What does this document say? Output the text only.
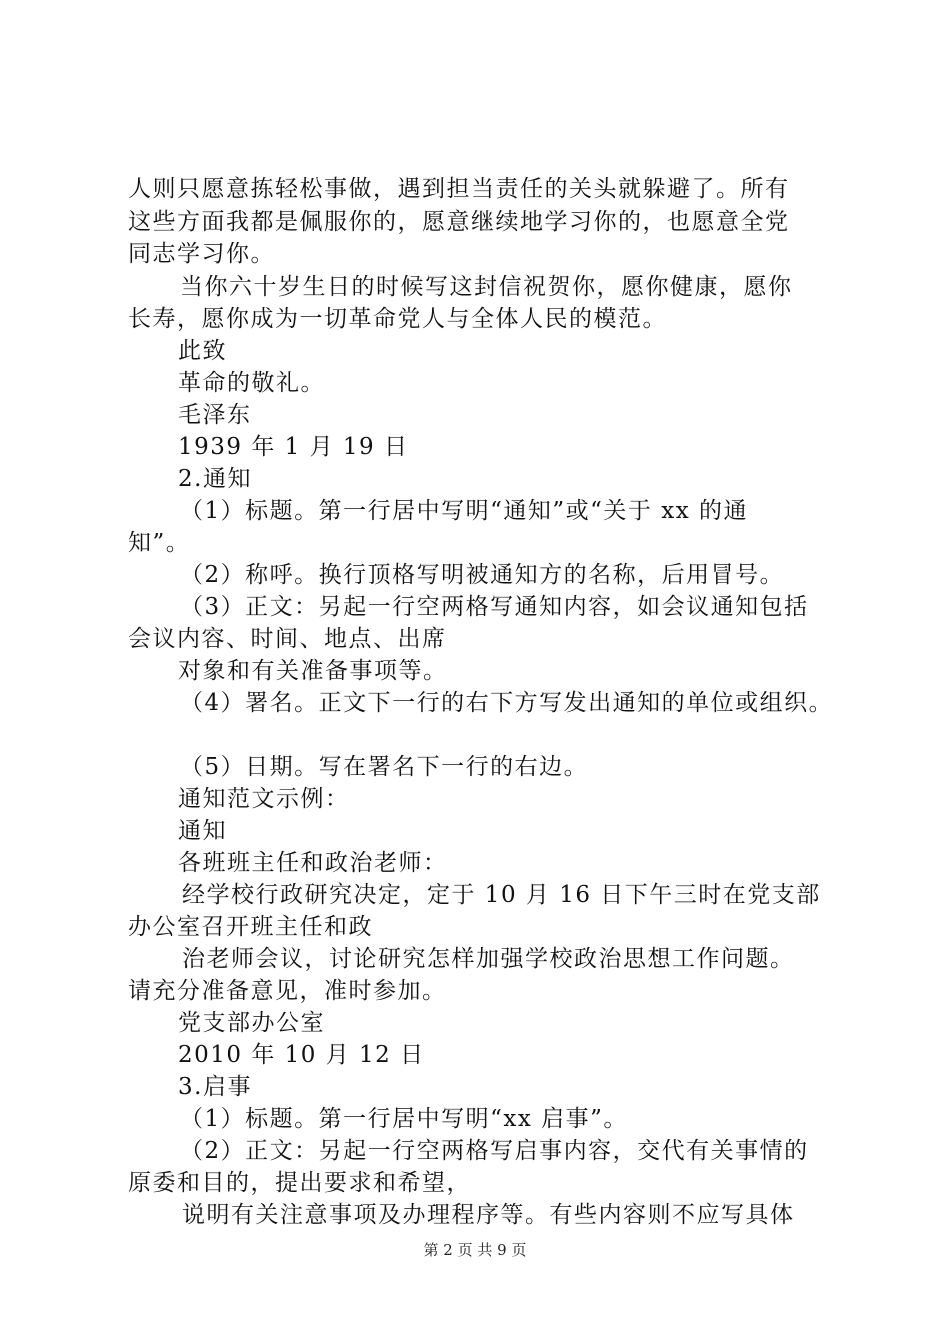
人则只愿意拣轻松事做，遇到担当责任的关头就躲避了。所有
这些方面我都是佩服你的，愿意继续地学习你的，也愿意全党
同志学习你。
当你六十岁生日的时候写这封信祝贺你，愿你健康，愿你
长寿，愿你成为一切革命党人与全体人民的模范。
此致
革命的敬礼。
毛泽东
1939 年 1 月 19 日
2.通知
（1）标题。第一行居中写明“通知”或“关于 xx 的通
知”。
（2）称呼。换行顶格写明被通知方的名称，后用冒号。
（3）正文：另起一行空两格写通知内容，如会议通知包括
会议内容、时间、地点、出席
对象和有关准备事项等。
（4）署名。正文下一行的右下方写发出通知的单位或组织。
（5）日期。写在署名下一行的右边。
通知范文示例：
通知
各班班主任和政治老师：
经学校行政研究决定，定于 10 月 16 日下午三时在党支部
办公室召开班主任和政
治老师会议，讨论研究怎样加强学校政治思想工作问题。
请充分准备意见，准时参加。
党支部办公室
2010 年 10 月 12 日
3.启事
（1）标题。第一行居中写明“xx 启事”。
（2）正文：另起一行空两格写启事内容，交代有关事情的
原委和目的，提出要求和希望，
说明有关注意事项及办理程序等。有些内容则不应写具体
第 2 页 共 9 页
